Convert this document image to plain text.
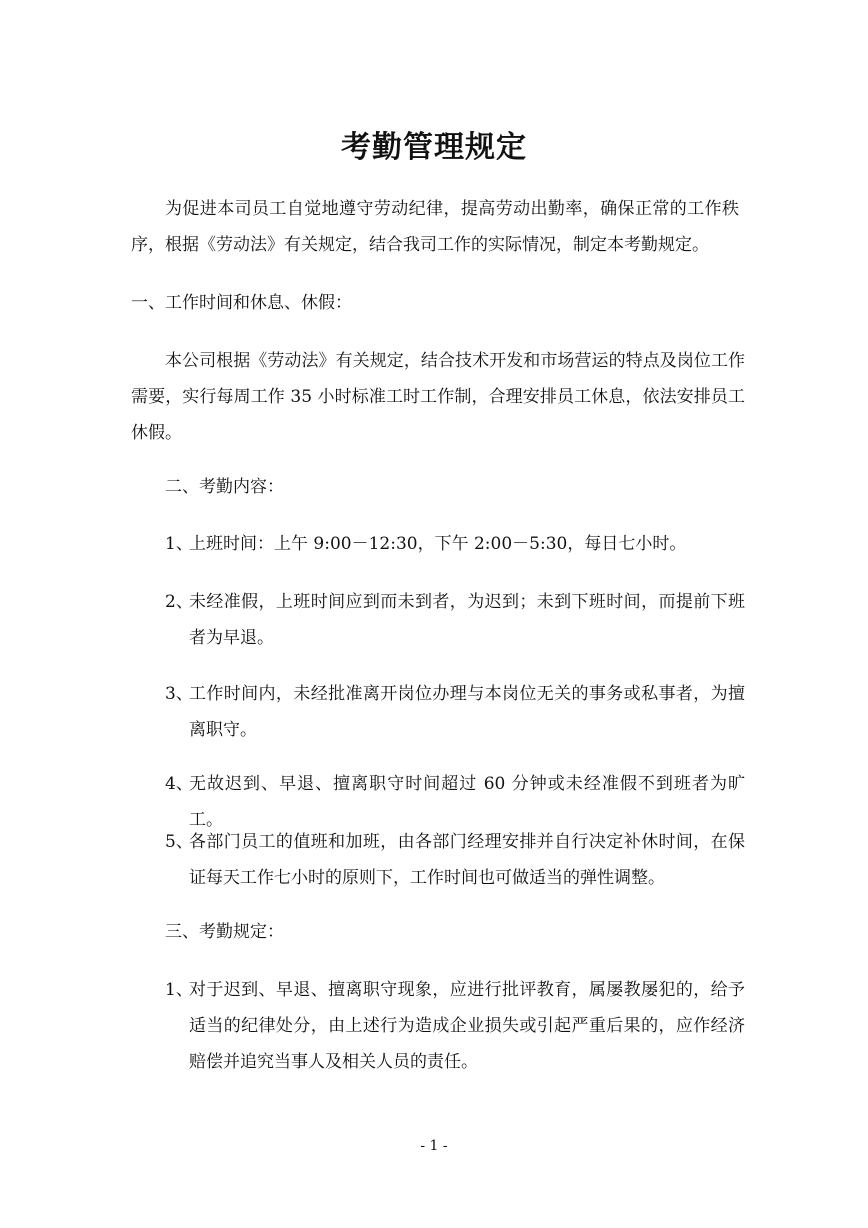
考勤管理规定
为促进本司员工自觉地遵守劳动纪律，提高劳动出勤率，确保正常的工作秩序，根据《劳动法》有关规定，结合我司工作的实际情况，制定本考勤规定。
一、工作时间和休息、休假：
本公司根据《劳动法》有关规定，结合技术开发和市场营运的特点及岗位工作需要，实行每周工作 35 小时标准工时工作制，合理安排员工休息，依法安排员工休假。
二、考勤内容：
1、
上班时间：上午 9:00－12:30，下午 2:00－5:30，每日七小时。
2、
未经准假，上班时间应到而未到者，为迟到；未到下班时间，而提前下班者为早退。
3、
工作时间内，未经批准离开岗位办理与本岗位无关的事务或私事者，为擅离职守。
4、
无故迟到、早退、擅离职守时间超过 60 分钟或未经准假不到班者为旷工。
5、
各部门员工的值班和加班，由各部门经理安排并自行决定补休时间，在保证每天工作七小时的原则下，工作时间也可做适当的弹性调整。
三、考勤规定：
1、
对于迟到、早退、擅离职守现象，应进行批评教育，属屡教屡犯的，给予适当的纪律处分，由上述行为造成企业损失或引起严重后果的，应作经济赔偿并追究当事人及相关人员的责任。
- 1 -
